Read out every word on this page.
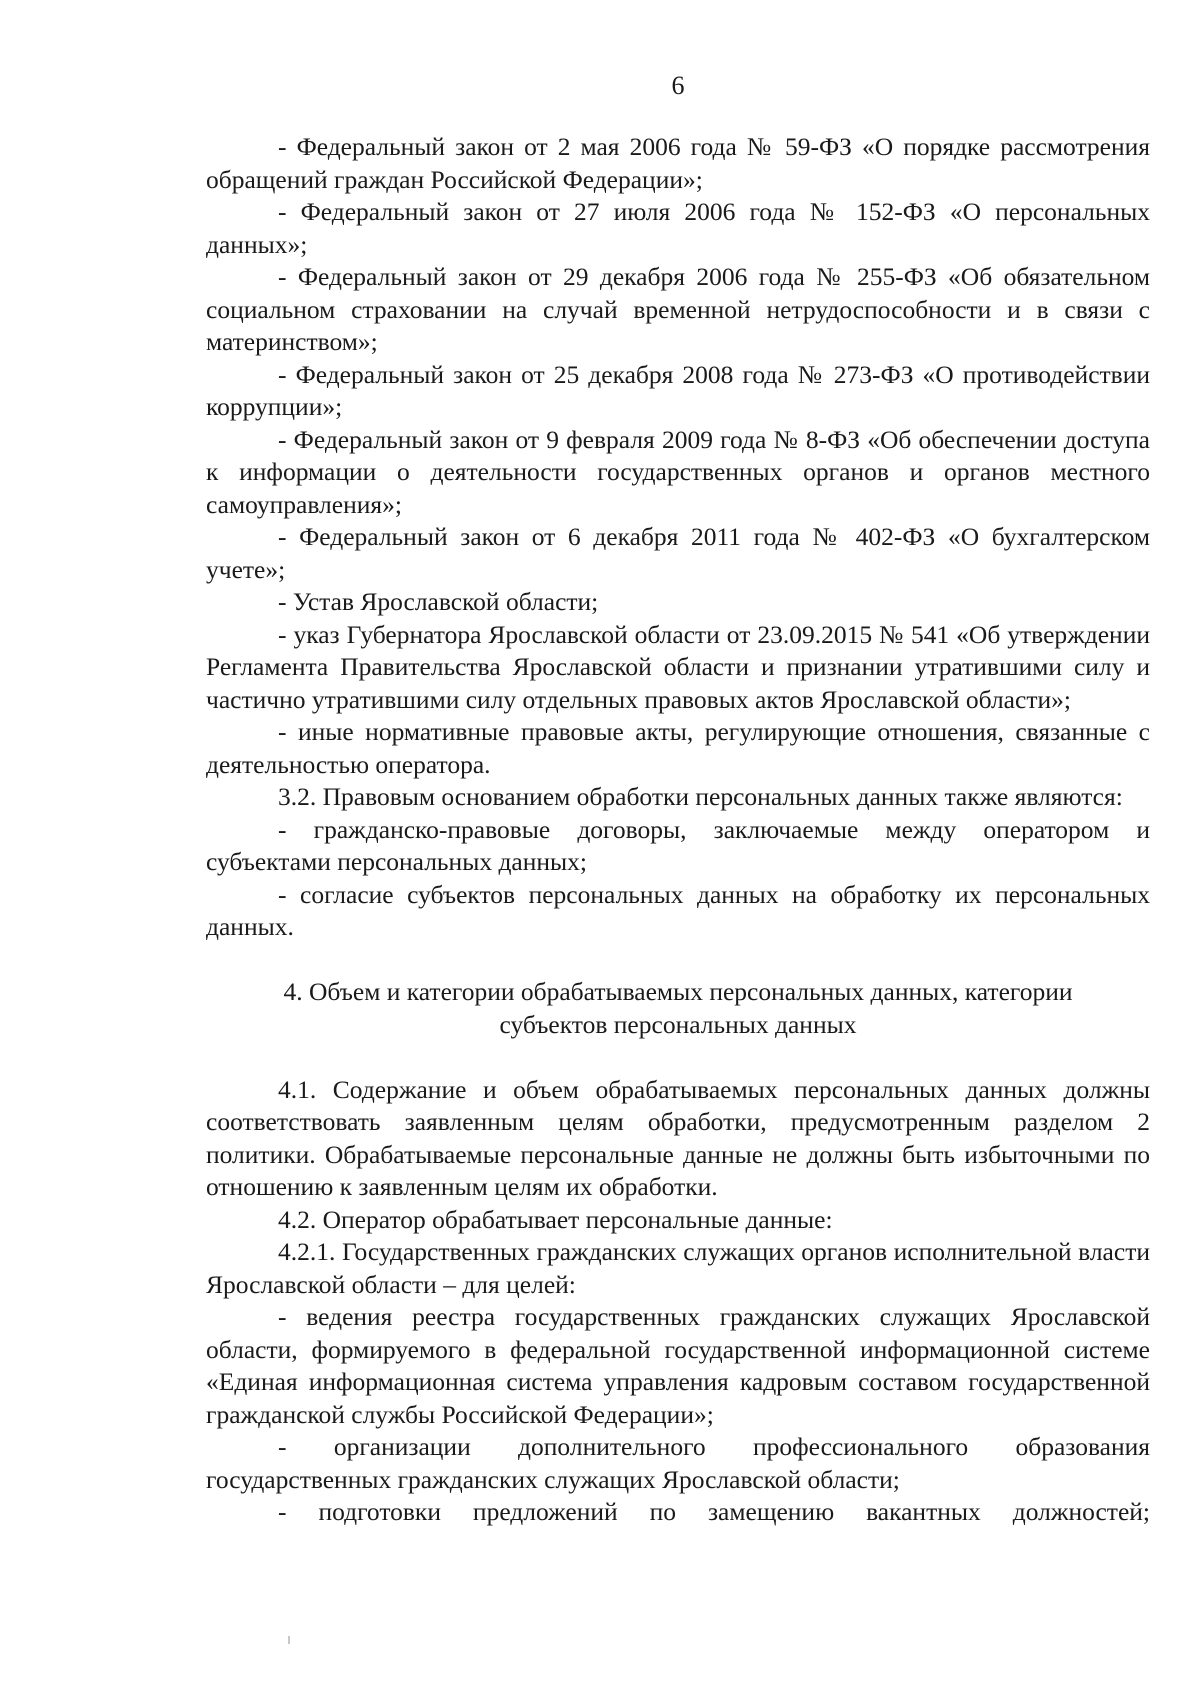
6

- Федеральный закон от 2 мая 2006 года № 59-ФЗ «О порядке рассмотрения обращений граждан Российской Федерации»;

- Федеральный закон от 27 июля 2006 года № 152-ФЗ «О персональных данных»;

- Федеральный закон от 29 декабря 2006 года № 255-ФЗ «Об обязательном социальном страховании на случай временной нетрудоспособности и в связи с материнством»;

- Федеральный закон от 25 декабря 2008 года № 273-ФЗ «О противодействии коррупции»;

- Федеральный закон от 9 февраля 2009 года № 8-ФЗ «Об обеспечении доступа к информации о деятельности государственных органов и органов местного самоуправления»;

- Федеральный закон от 6 декабря 2011 года № 402-ФЗ «О бухгалтерском учете»;

- Устав Ярославской области;

- указ Губернатора Ярославской области от 23.09.2015 № 541 «Об утверждении Регламента Правительства Ярославской области и признании утратившими силу и частично утратившими силу отдельных правовых актов Ярославской области»;

- иные нормативные правовые акты, регулирующие отношения, связанные с деятельностью оператора.

3.2. Правовым основанием обработки персональных данных также являются:

- гражданско-правовые договоры, заключаемые между оператором и субъектами персональных данных;

- согласие субъектов персональных данных на обработку их персональных данных.

4. Объем и категории обрабатываемых персональных данных, категории

субъектов персональных данных

4.1. Содержание и объем обрабатываемых персональных данных должны соответствовать заявленным целям обработки, предусмотренным разделом 2 политики. Обрабатываемые персональные данные не должны быть избыточными по отношению к заявленным целям их обработки.

4.2. Оператор обрабатывает персональные данные:

4.2.1. Государственных гражданских служащих органов исполнительной власти Ярославской области – для целей:

- ведения реестра государственных гражданских служащих Ярославской области, формируемого в федеральной государственной информационной системе «Единая информационная система управления кадровым составом государственной гражданской службы Российской Федерации»;

- организации дополнительного профессионального образования государственных гражданских служащих Ярославской области;

- подготовки предложений по замещению вакантных должностей;
